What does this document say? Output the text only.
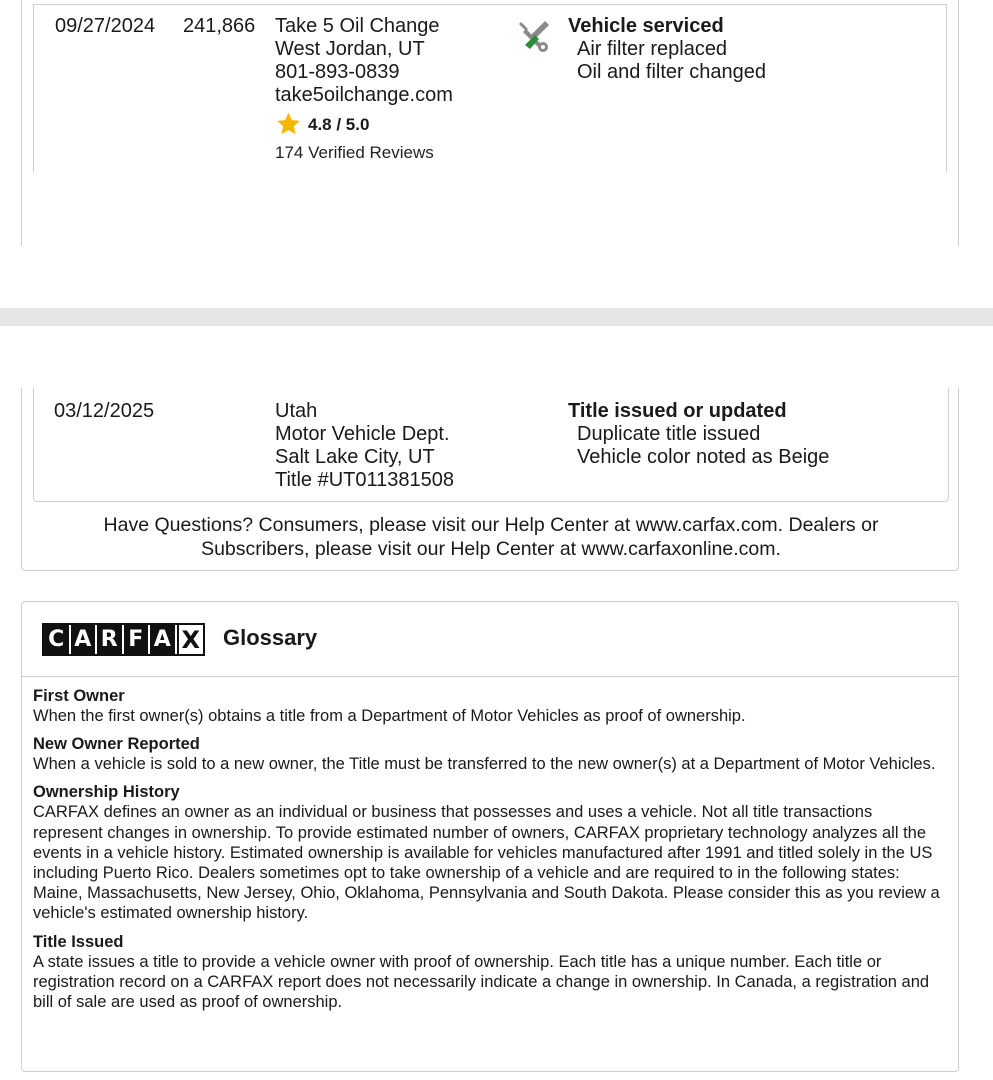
09/27/2024 241,866 Take 5 Oil Change
West Jordan, UT
801-893-0839
take5oilchange.com
4.8 / 5.0
174 Verified Reviews
Vehicle serviced
Air filter replaced
Oil and filter changed
03/12/2025	Utah
Motor Vehicle Dept.
Salt Lake City, UT
Title #UT011381508
Title issued or updated
Duplicate title issued
Vehicle color noted as Beige
Have Questions? Consumers, please visit our Help Center at www.carfax.com. Dealers or
Subscribers, please visit our Help Center at www.carfaxonline.com.
C A R F A X Glossary
First Owner
When the first owner(s) obtains a title from a Department of Motor Vehicles as proof of ownership.
New Owner Reported
When a vehicle is sold to a new owner, the Title must be transferred to the new owner(s) at a Department of Motor Vehicles.
Ownership History
CARFAX defines an owner as an individual or business that possesses and uses a vehicle. Not all title transactions represent changes in ownership. To provide estimated number of owners, CARFAX proprietary technology analyzes all the events in a vehicle history. Estimated ownership is available for vehicles manufactured after 1991 and titled solely in the US including Puerto Rico. Dealers sometimes opt to take ownership of a vehicle and are required to in the following states: Maine, Massachusetts, New Jersey, Ohio, Oklahoma, Pennsylvania and South Dakota. Please consider this as you review a vehicle's estimated ownership history.
Title Issued
A state issues a title to provide a vehicle owner with proof of ownership. Each title has a unique number. Each title or registration record on a CARFAX report does not necessarily indicate a change in ownership. In Canada, a registration and bill of sale are used as proof of ownership.
